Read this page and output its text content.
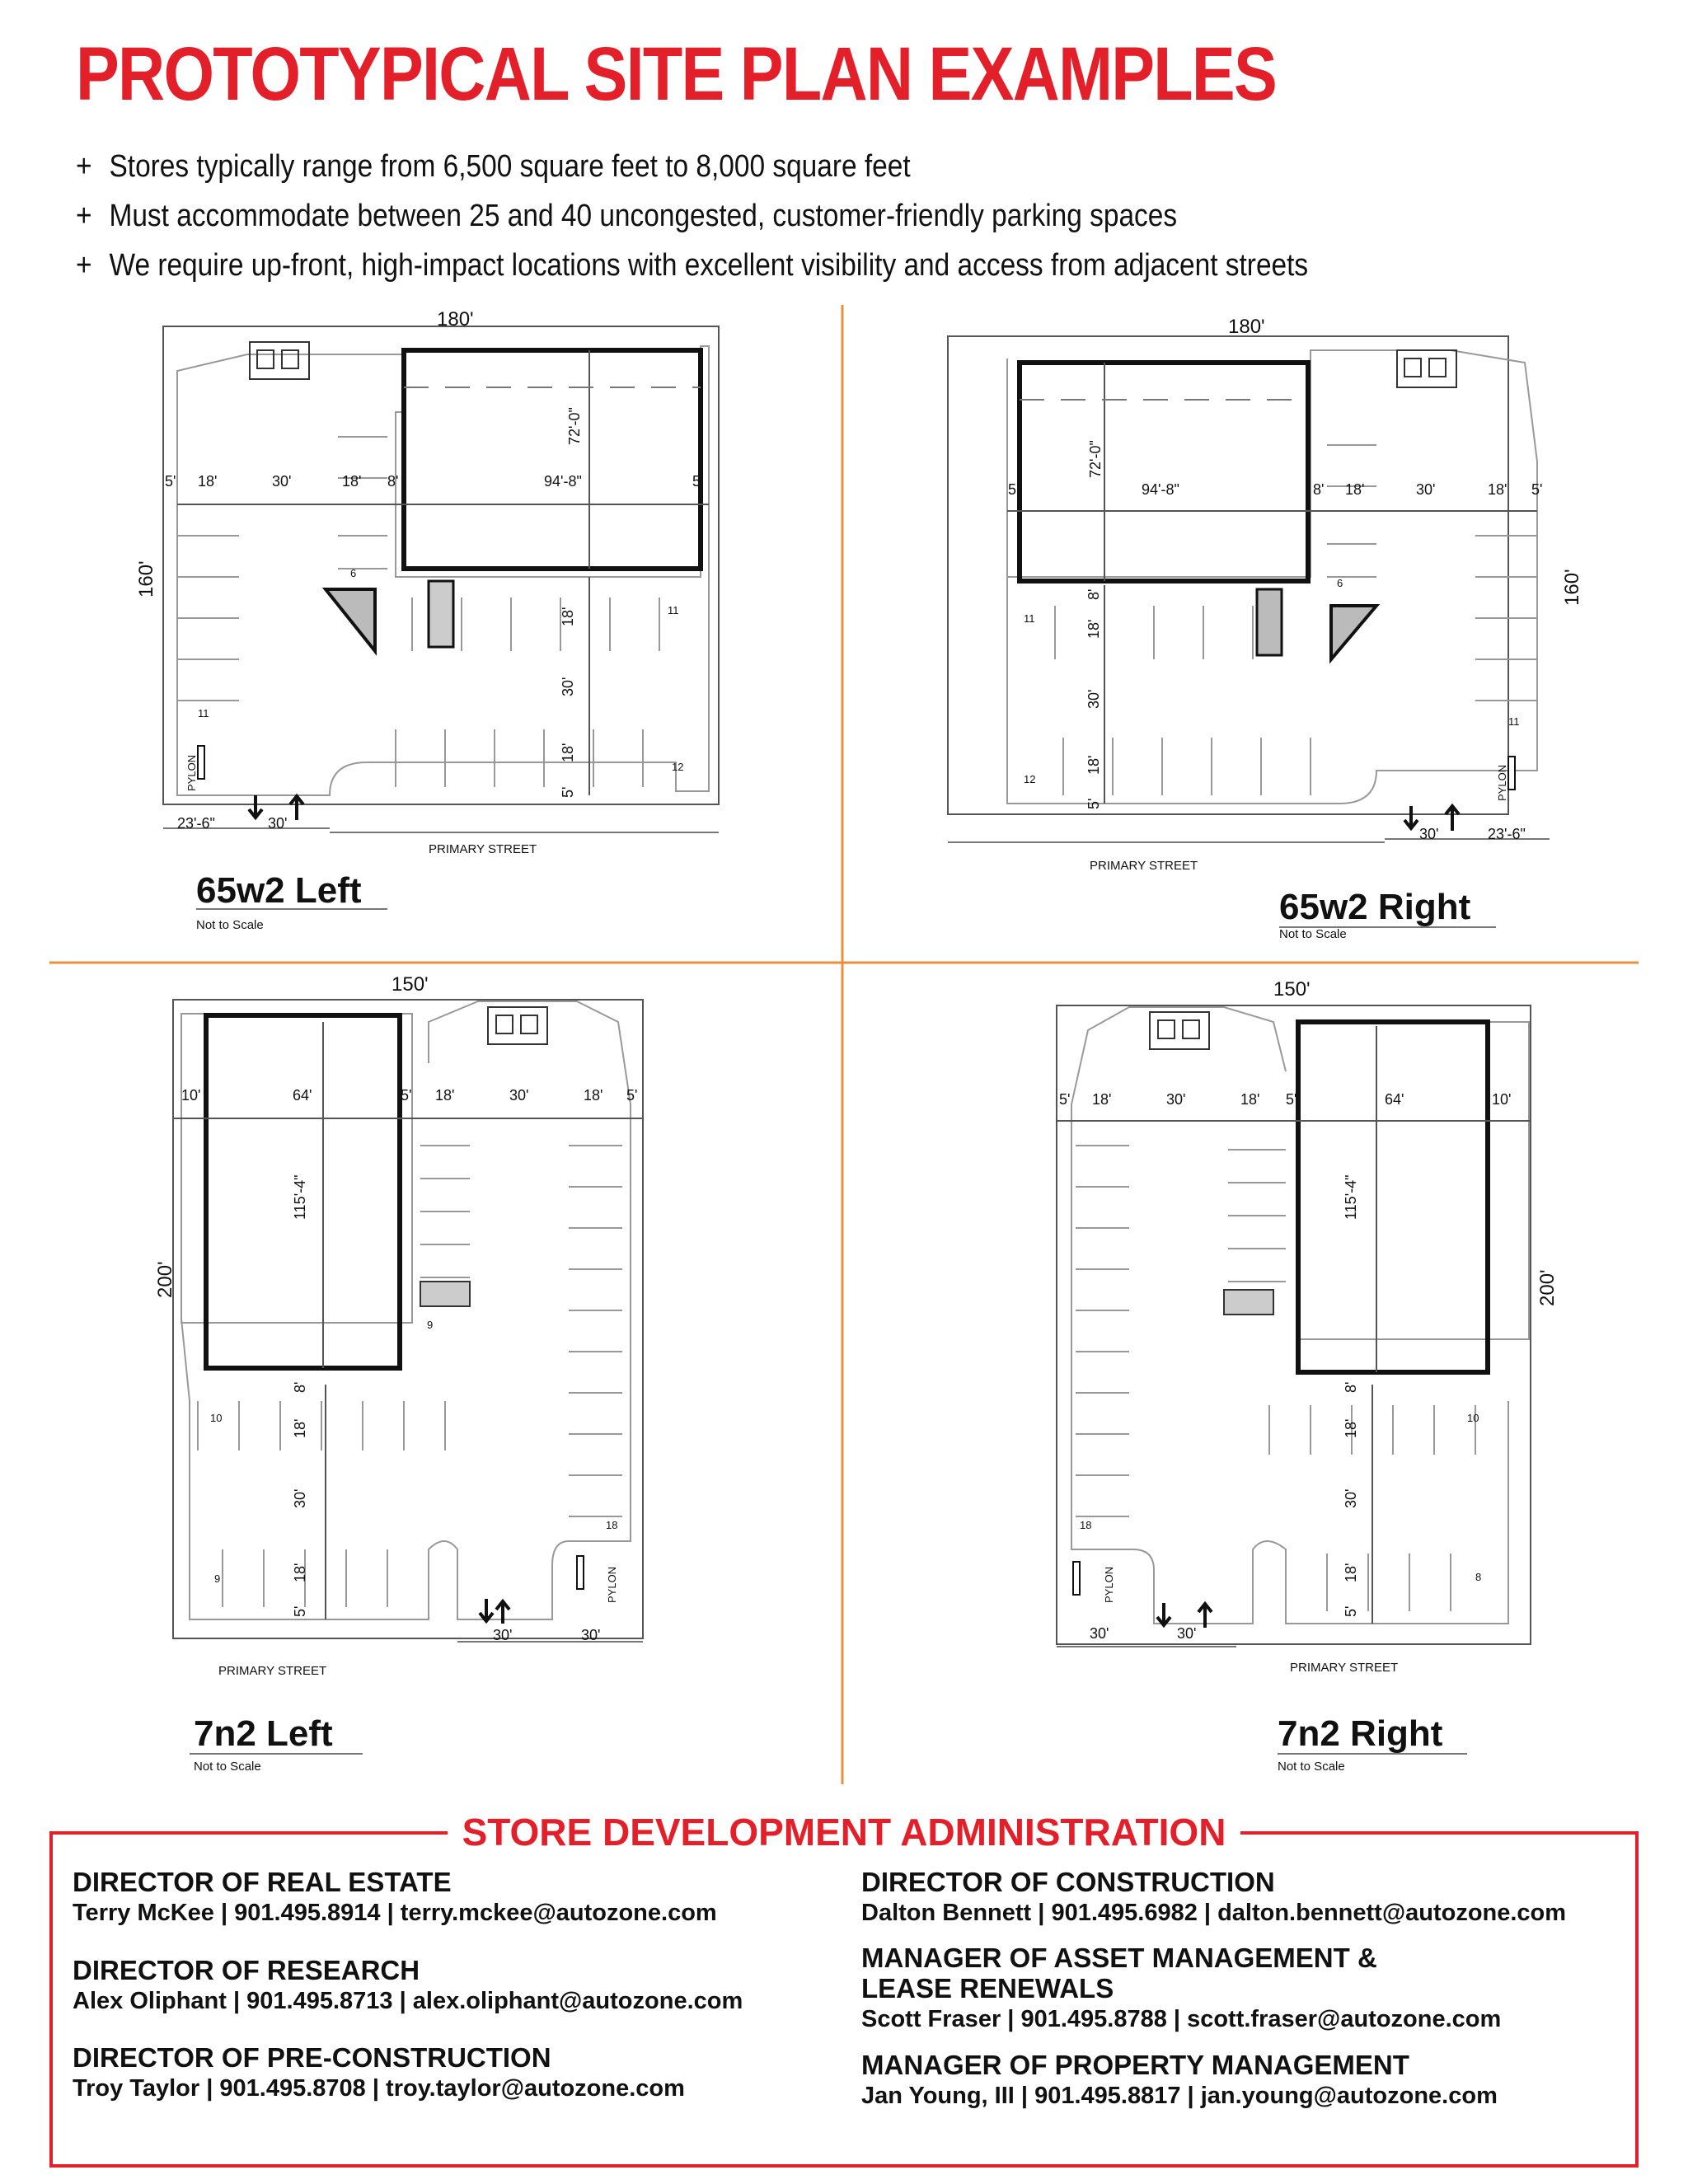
PROTOTYPICAL SITE PLAN EXAMPLES
+ Stores typically range from 6,500 square feet to 8,000 square feet
+ Must accommodate between 25 and 40 uncongested, customer-friendly parking spaces
+ We require up-front, high-impact locations with excellent visibility and access from adjacent streets
180'
160'
94'-8"
72'-0"
5' 18'	30'	18' 8'	5'
18'
30'
18'
5'
23'-6"	30'
6
11
11
12
PYLON
PRIMARY STREET
65w2 Left
Not to Scale
180'
160'
94'-8"
72'-0"
5'	8' 18'	30'	18' 5'
8'
18'
30'
18'
5'
30'	23'-6"
6
11
11
12	PYLON
PRIMARY STREET
65w2 Right
Not to Scale
150'
200'
10'	64'	5' 18'	30'	18' 5'
115'-4"
8'
18'
30'
18'
5'
30'	30'
9
10
9
18
PYLON
PRIMARY STREET
7n2 Left
Not to Scale
150'
200'
5' 18'	30'	18' 5'	64'	10'
115'-4"
8'
18'
30'
18'
5'
30'	30'
18
10
8
PYLON
PRIMARY STREET
7n2 Right
Not to Scale
STORE DEVELOPMENT ADMINISTRATION
DIRECTOR OF REAL ESTATE
Terry McKee | 901.495.8914 | terry.mckee@autozone.com
DIRECTOR OF RESEARCH
Alex Oliphant | 901.495.8713 | alex.oliphant@autozone.com
DIRECTOR OF PRE-CONSTRUCTION
Troy Taylor | 901.495.8708 | troy.taylor@autozone.com
DIRECTOR OF CONSTRUCTION
Dalton Bennett | 901.495.6982 | dalton.bennett@autozone.com
MANAGER OF ASSET MANAGEMENT &
LEASE RENEWALS
Scott Fraser | 901.495.8788 | scott.fraser@autozone.com
MANAGER OF PROPERTY MANAGEMENT
Jan Young, III | 901.495.8817 | jan.young@autozone.com
